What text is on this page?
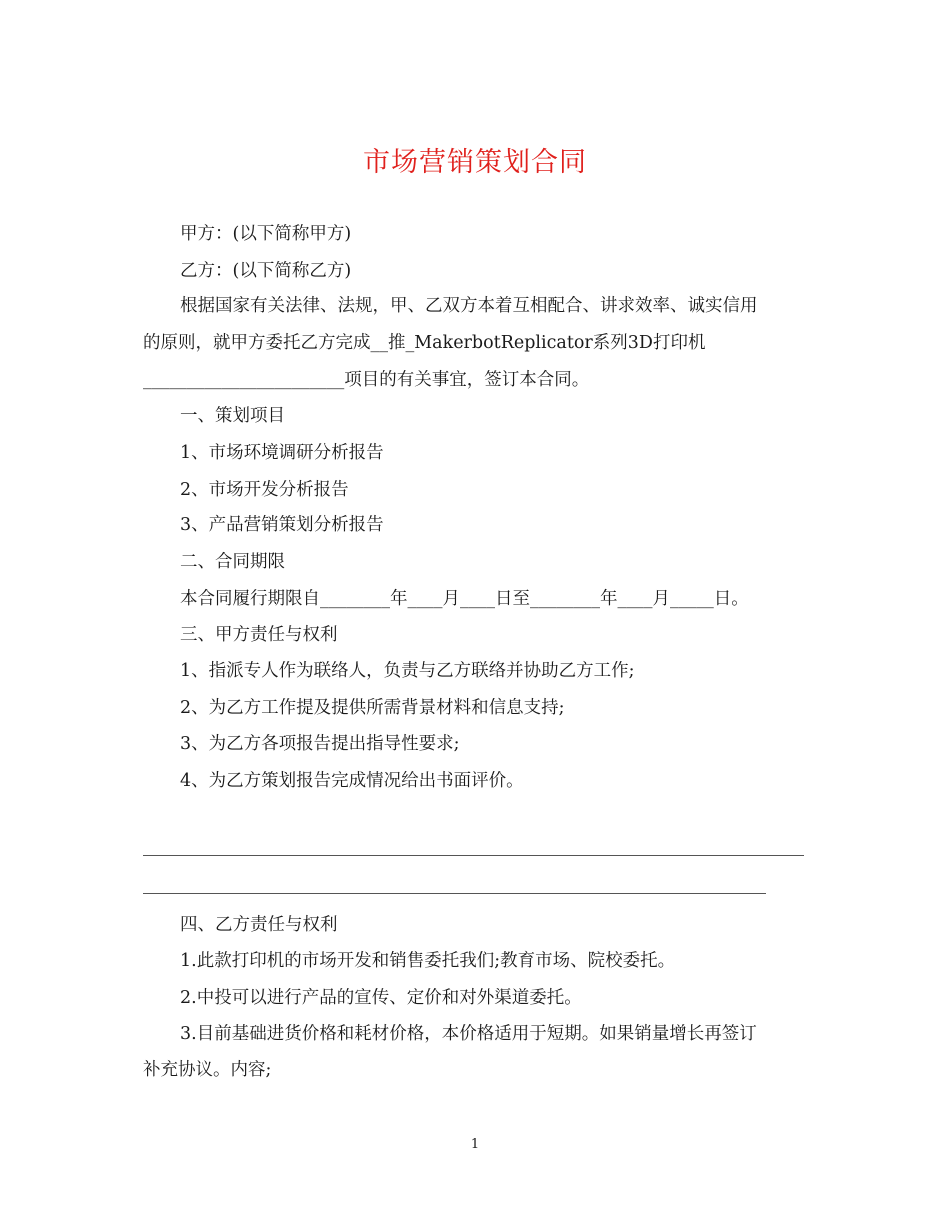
市场营销策划合同
甲方：(以下简称甲方)
乙方：(以下简称乙方)
根据国家有关法律、法规，甲、乙双方本着互相配合、讲求效率、诚实信用
的原则，就甲方委托乙方完成__推_MakerbotReplicator系列3D打印机
_______________________项目的有关事宜，签订本合同。
一、策划项目
1、市场环境调研分析报告
2、市场开发分析报告
3、产品营销策划分析报告
二、合同期限
本合同履行期限自________年____月____日至________年____月_____日。
三、甲方责任与权利
1、指派专人作为联络人，负责与乙方联络并协助乙方工作;
2、为乙方工作提及提供所需背景材料和信息支持;
3、为乙方各项报告提出指导性要求;
4、为乙方策划报告完成情况给出书面评价。
四、乙方责任与权利
1.此款打印机的市场开发和销售委托我们;教育市场、院校委托。
2.中投可以进行产品的宣传、定价和对外渠道委托。
3.目前基础进货价格和耗材价格，本价格适用于短期。如果销量增长再签订
补充协议。内容;
1
